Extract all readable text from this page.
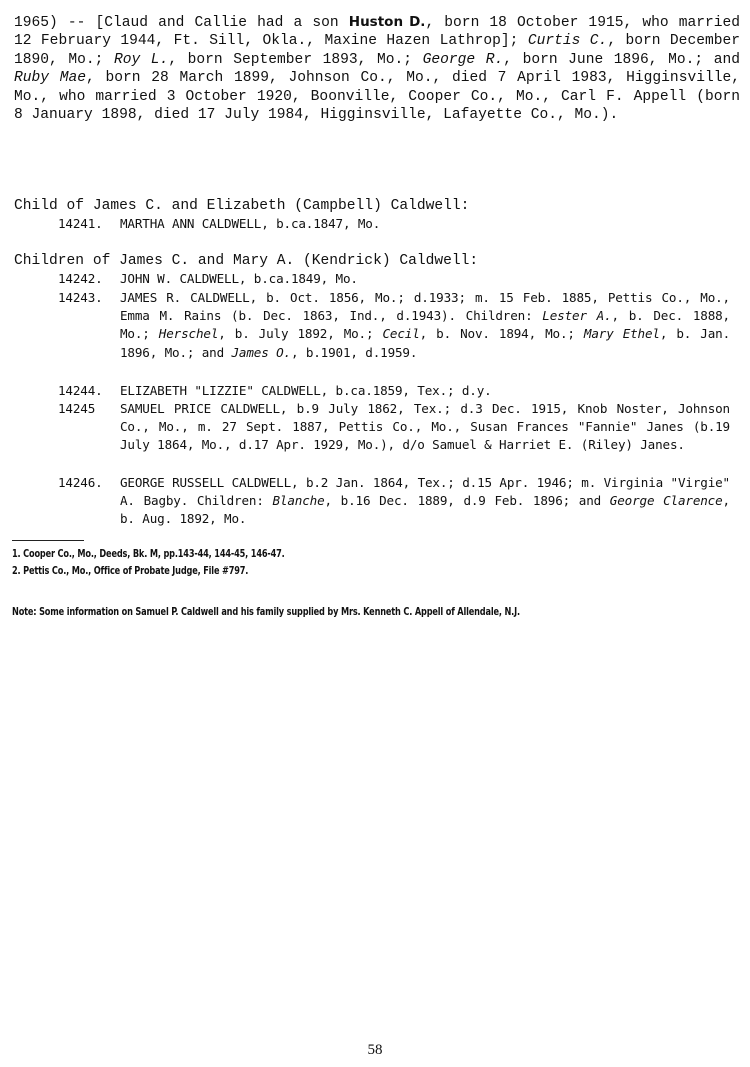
1965) -- [Claud and Callie had a son Huston D., born 18 October 1915, who married 12 February 1944, Ft. Sill, Okla., Maxine Hazen Lathrop]; Curtis C., born December 1890, Mo.; Roy L., born September 1893, Mo.; George R., born June 1896, Mo.; and Ruby Mae, born 28 March 1899, Johnson Co., Mo., died 7 April 1983, Higginsville, Mo., who married 3 October 1920, Boonville, Cooper Co., Mo., Carl F. Appell (born 8 January 1898, died 17 July 1984, Higginsville, Lafayette Co., Mo.).

Child of James C. and Elizabeth (Campbell) Caldwell:

14241.	MARTHA ANN CALDWELL, b.ca.1847, Mo.

Children of James C. and Mary A. (Kendrick) Caldwell:

14242.	JOHN W. CALDWELL, b.ca.1849, Mo.
14243.	JAMES R. CALDWELL, b. Oct. 1856, Mo.; d.1933; m. 15 Feb. 1885, Pettis Co., Mo., Emma M. Rains (b. Dec. 1863, Ind., d.1943). Children: Lester A., b. Dec. 1888, Mo.; Herschel, b. July 1892, Mo.; Cecil, b. Nov. 1894, Mo.; Mary Ethel, b. Jan. 1896, Mo.; and James O., b.1901, d.1959.
14244.	ELIZABETH "LIZZIE" CALDWELL, b.ca.1859, Tex.; d.y.
14245	SAMUEL PRICE CALDWELL, b.9 July 1862, Tex.; d.3 Dec. 1915, Knob Noster, Johnson Co., Mo., m. 27 Sept. 1887, Pettis Co., Mo., Susan Frances "Fannie" Janes (b.19 July 1864, Mo., d.17 Apr. 1929, Mo.), d/o Samuel & Harriet E. (Riley) Janes.
14246.	GEORGE RUSSELL CALDWELL, b.2 Jan. 1864, Tex.; d.15 Apr. 1946; m. Virginia "Virgie" A. Bagby. Children: Blanche, b.16 Dec. 1889, d.9 Feb. 1896; and George Clarence, b. Aug. 1892, Mo.

1. Cooper Co., Mo., Deeds, Bk. M, pp.143-44, 144-45, 146-47.

2. Pettis Co., Mo., Office of Probate Judge, File #797.

Note: Some information on Samuel P. Caldwell and his family supplied by Mrs. Kenneth C. Appell of Allendale, N.J.

58
